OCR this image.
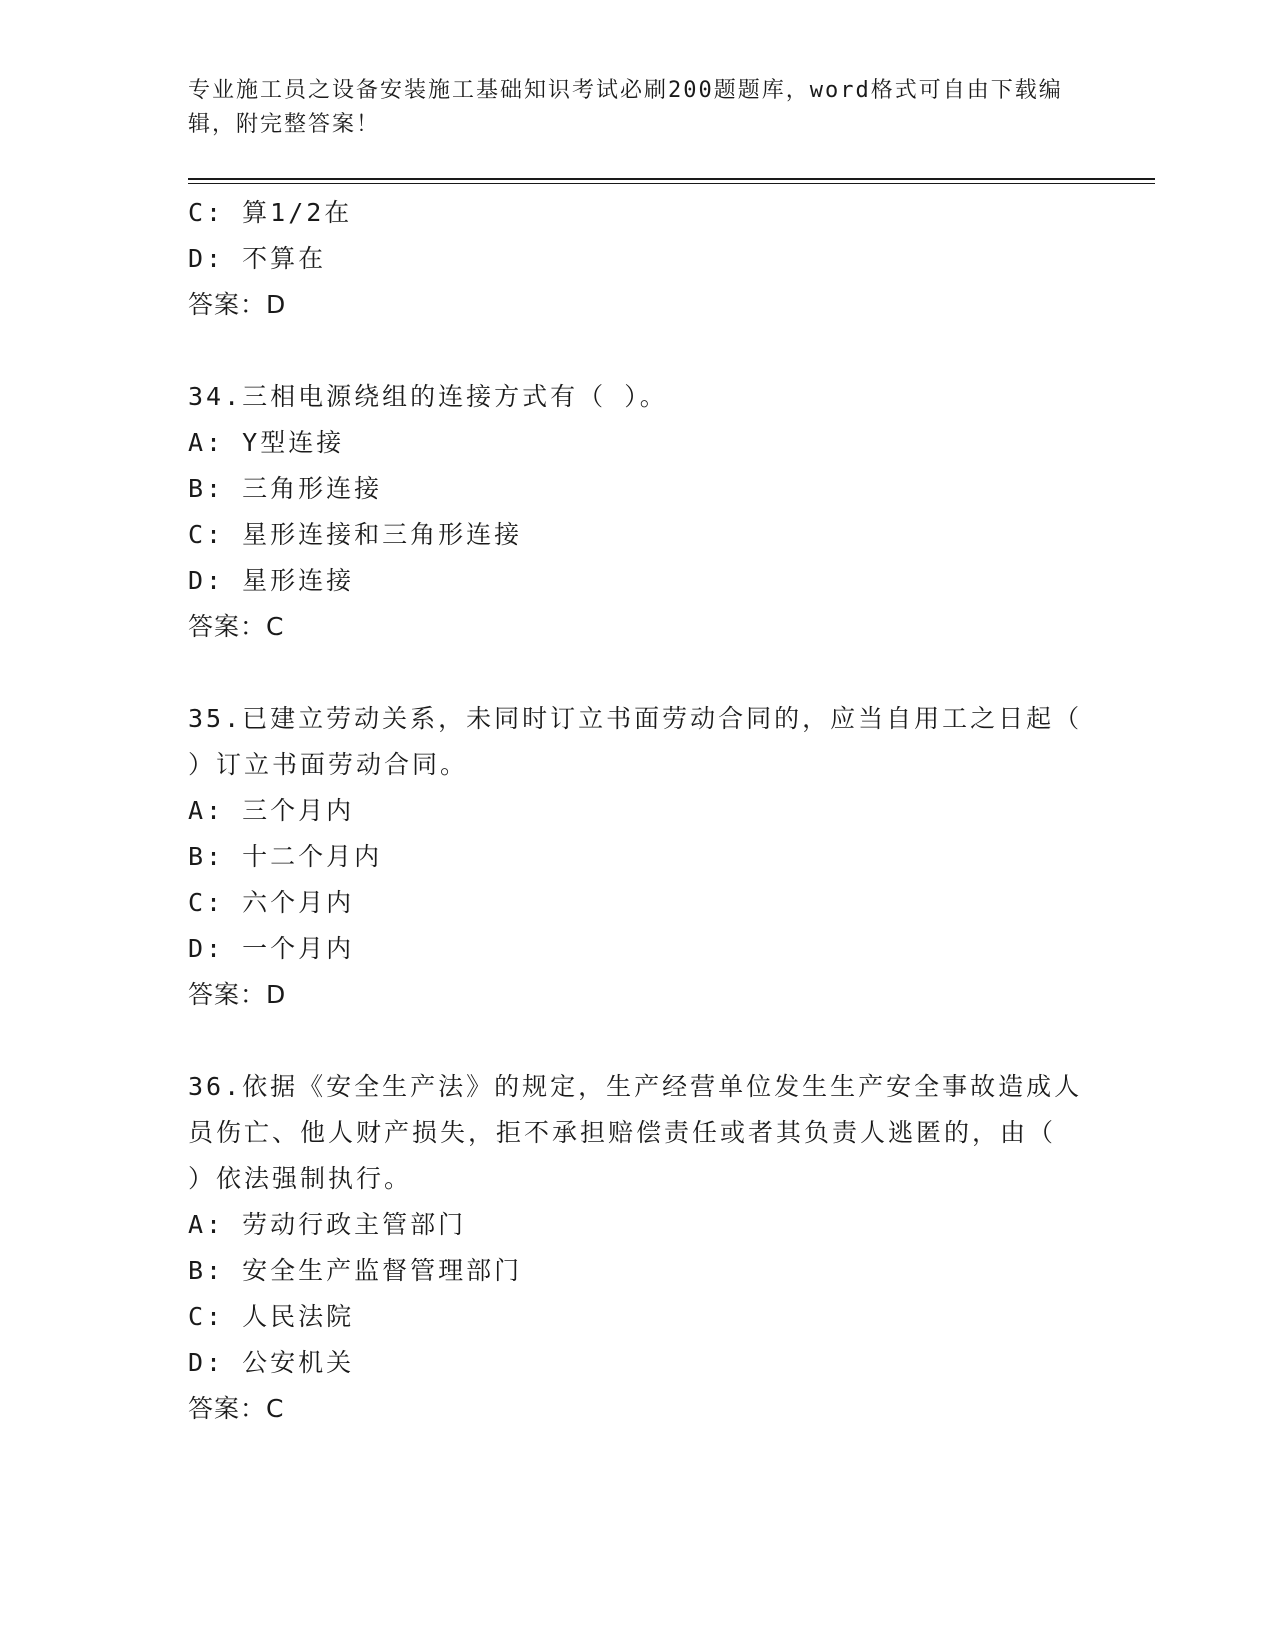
专业施工员之设备安装施工基础知识考试必刷200题题库，word格式可自由下载编辑，附完整答案！
C: 算1/2在
D: 不算在
答案：D
34.三相电源绕组的连接方式有（ ）。
A: Y型连接
B: 三角形连接
C: 星形连接和三角形连接
D: 星形连接
答案：C
35.已建立劳动关系，未同时订立书面劳动合同的，应当自用工之日起（ ）订立书面劳动合同。
A: 三个月内
B: 十二个月内
C: 六个月内
D: 一个月内
答案：D
36.依据《安全生产法》的规定，生产经营单位发生生产安全事故造成人员伤亡、他人财产损失，拒不承担赔偿责任或者其负责人逃匿的，由（ ）依法强制执行。
A: 劳动行政主管部门
B: 安全生产监督管理部门
C: 人民法院
D: 公安机关
答案：C
